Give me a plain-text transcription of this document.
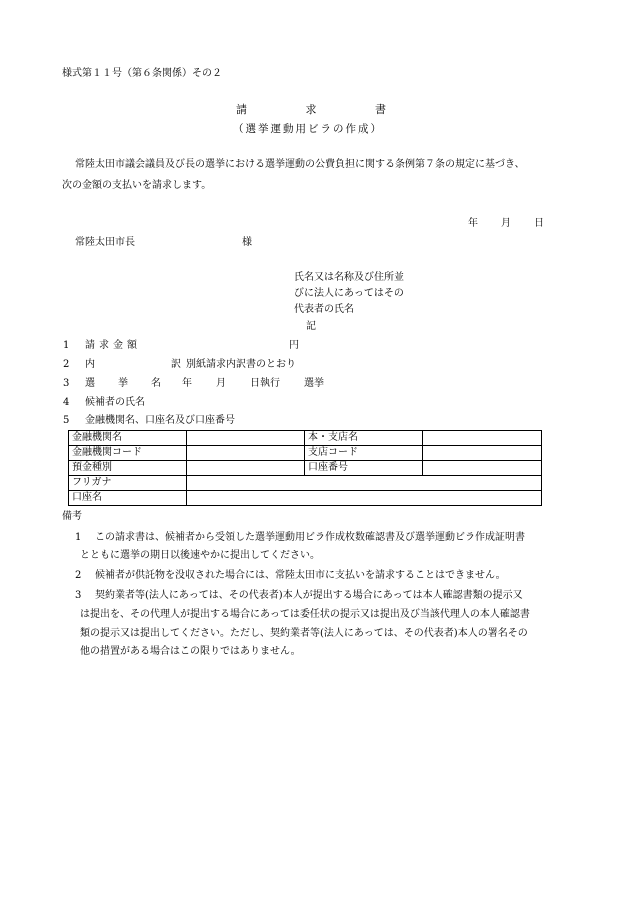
様式第１１号（第６条関係）その２
請	求	書
（選挙運動用ビラの作成）
常陸太田市議会議員及び長の選挙における選挙運動の公費負担に関する条例第７条の規定に基づき、
次の金額の支払いを請求します。
年 月 日
常陸太田市長	様
氏名又は名称及び住所並
びに法人にあってはその
代表者の氏名
記
1 請求金額	円
2 内	訳 別紙請求内訳書のとおり
3 選 挙 名 年 月 日執行 選挙
4 候補者の氏名
5 金融機関名、口座名及び口座番号
金融機関名		本・支店名	
金融機関コード		支店コード	
預金種別		口座番号	
フリガナ			
口座名			
備考
1 この請求書は、候補者から受領した選挙運動用ビラ作成枚数確認書及び選挙運動ビラ作成証明書
とともに選挙の期日以後速やかに提出してください。
2 候補者が供託物を没収された場合には、常陸太田市に支払いを請求することはできません。
3 契約業者等(法人にあっては、その代表者)本人が提出する場合にあっては本人確認書類の提示又
は提出を、その代理人が提出する場合にあっては委任状の提示又は提出及び当該代理人の本人確認書
類の提示又は提出してください。ただし、契約業者等(法人にあっては、その代表者)本人の署名その
他の措置がある場合はこの限りではありません。
